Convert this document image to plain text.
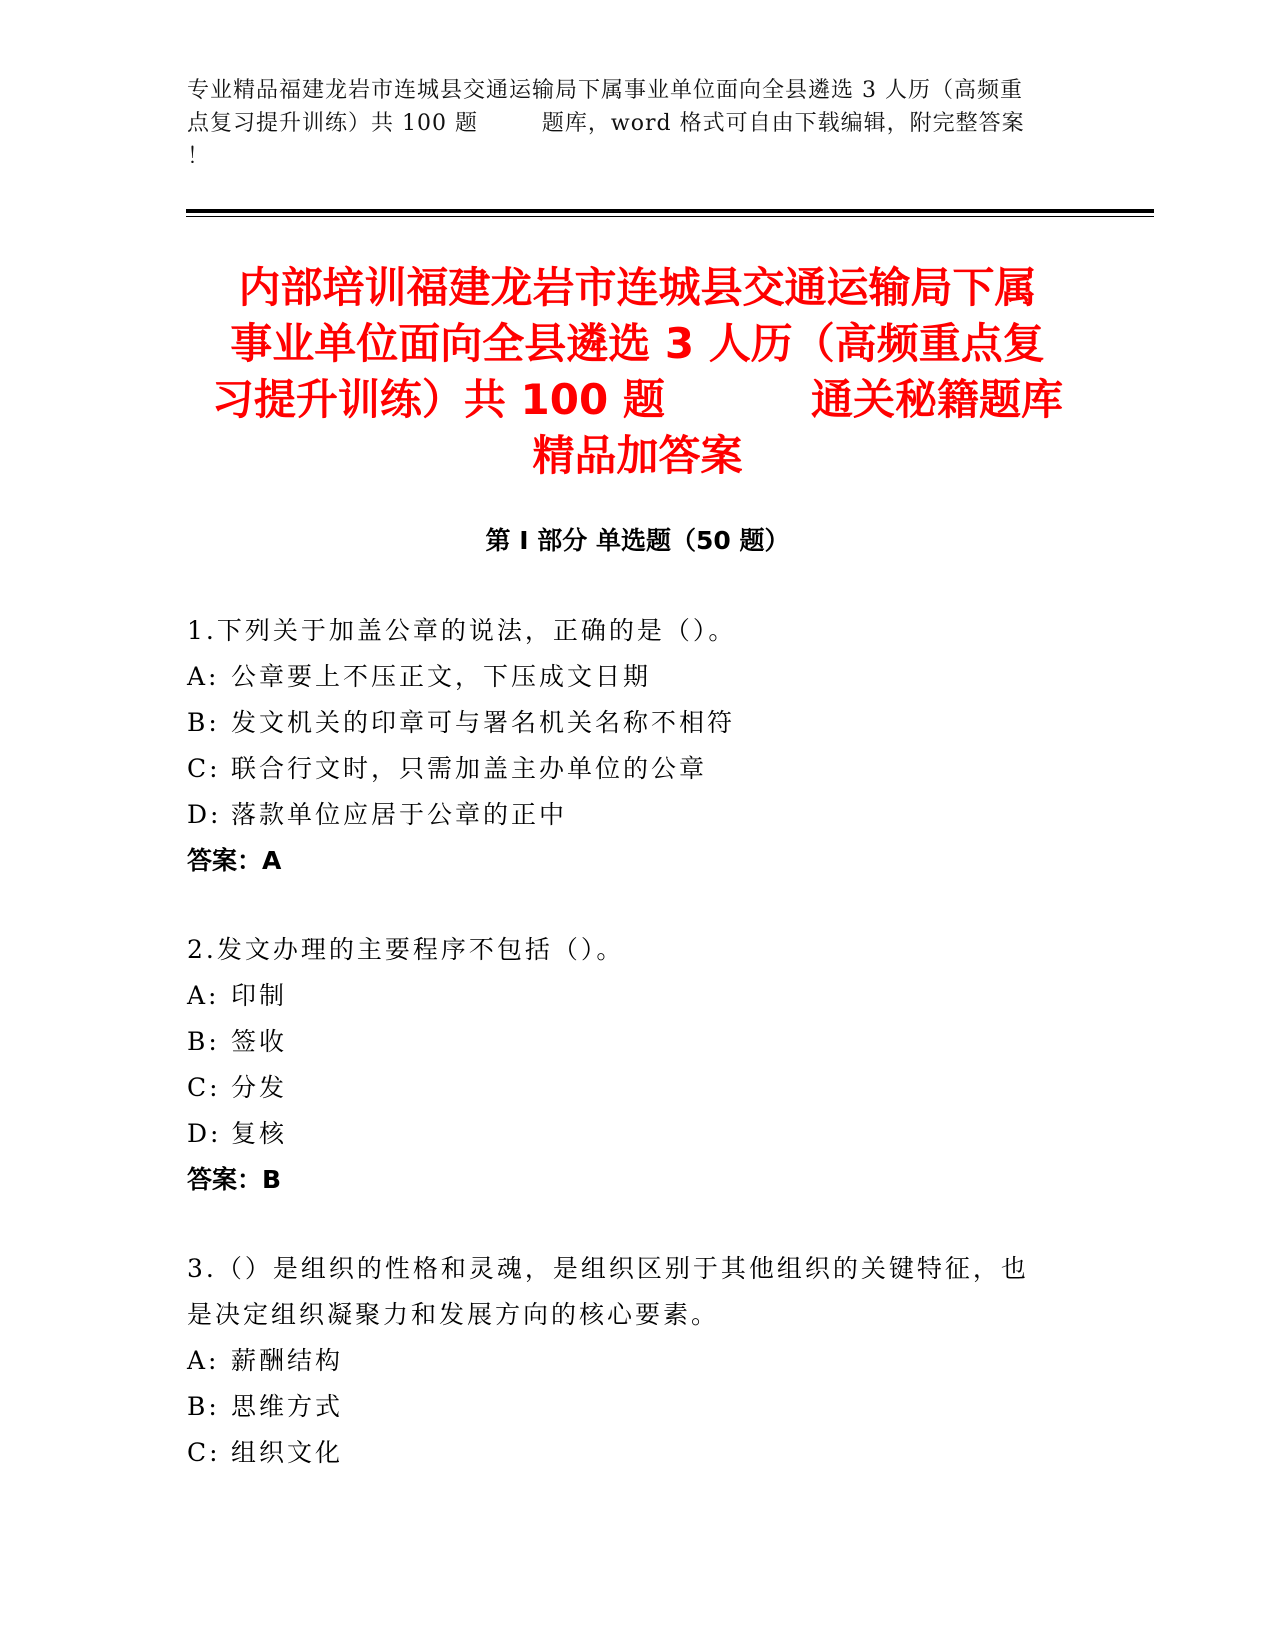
专业精品福建龙岩市连城县交通运输局下属事业单位面向全县遴选 3 人历（高频重
点复习提升训练）共 100 题        题库，word 格式可自由下载编辑，附完整答案
！
内部培训福建龙岩市连城县交通运输局下属
事业单位面向全县遴选 3 人历（高频重点复
习提升训练）共 100 题          通关秘籍题库
精品加答案
第 I 部分 单选题（50 题）
1.下列关于加盖公章的说法，正确的是（）。
A: 公章要上不压正文，下压成文日期
B: 发文机关的印章可与署名机关名称不相符
C: 联合行文时，只需加盖主办单位的公章
D: 落款单位应居于公章的正中
答案：A
2.发文办理的主要程序不包括（）。
A: 印制
B: 签收
C: 分发
D: 复核
答案：B
3.（）是组织的性格和灵魂，是组织区别于其他组织的关键特征，也
是决定组织凝聚力和发展方向的核心要素。
A: 薪酬结构
B: 思维方式
C: 组织文化
